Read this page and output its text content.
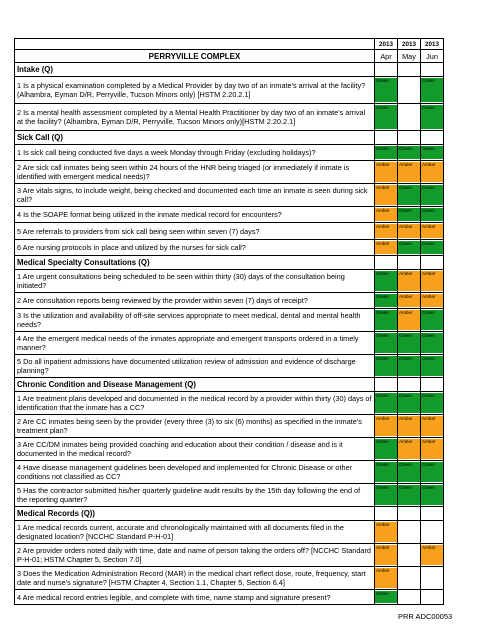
	2013	2013	2013
PERRYVILLE COMPLEX	Apr	May	Jun
Intake (Q)			
1 Is a physical examination completed by a Medical Provider by day two of an inmate's arrival at the facility? (Alhambra, Eyman D/R, Perryville, Tucson Minors only) [HSTM 2.20.2.1]	Green		Green

2 Is a mental health assessment completed by a Mental Health Practitioner by day two of an inmate's arrival at the facility? (Alhambra, Eyman D/R, Perryville, Tucson Minors only)[HSTM 2.20.2.1]	Green		Green

Sick Call (Q)			
1 Is sick call being conducted five days a week Monday through Friday (excluding holidays)?	Green	Green	Green

2 Are sick call inmates being seen within 24 hours of the HNR being triaged (or immediately if inmate is identified with emergent medical needs)?	Amber	Amber	Amber

3 Are vitals signs, to include weight, being checked and documented each time an inmate is seen during sick call?	Amber	Green	Green

4 Is the SOAPE format being utilized in the inmate medical record for encounters?	Amber	Green	Green

5 Are referrals to providers from sick call being seen within seven (7) days?	Amber	Amber	Amber

6 Are nursing protocols in place and utilized by the nurses for sick call?	Amber	Green	Green

Medical Specialty Consultations (Q)			
1 Are urgent consultations being scheduled to be seen within thirty (30) days of the consultation being initiated?	Green	Amber	Amber

2 Are consultation reports being reviewed by the provider within seven (7) days of receipt?	Green	Amber	Amber

3 Is the utilization and availability of off-site services appropriate to meet medical, dental and mental health needs?	Green	Amber	Green

4 Are the emergent medical needs of the inmates appropriate and emergent transports ordered in a timely manner?	Green	Green	Green

5 Do all inpatient admissions have documented utilization review of admission and evidence of discharge planning?	Green	Green	Green

Chronic Condition and Disease Management (Q)			
1 Are treatment plans developed and documented in the medical record by a provider within thirty (30) days of identification that the inmate has a CC?	Green	Green	Green

2 Are CC inmates being seen by the provider (every three (3) to six (6) months) as specified in the inmate's treatment plan?	Amber	Amber	Amber

3 Are CC/DM inmates being provided coaching and education about their condition / disease and is it documented in the medical record?	Green	Amber	Amber

4 Have disease management guidelines been developed and implemented for Chronic Disease or other conditions not classified as CC?	Green	Green	Green

5 Has the contractor submitted his/her quarterly guideline audit results by the 15th day following the end of the reporting quarter?	Green	Green	Green

Medical Records (Q))			
1 Are medical records current, accurate and chronologically maintained with all documents filed in the designated location? [NCCHC Standard P-H-01]	Amber		

2 Are provider orders noted daily with time, date and name of person taking the orders off? [NCCHC Standard P-H-01; HSTM Chapter 5, Section 7.0]	Amber		Amber

3 Does the Medication Administration Record (MAR) in the medical chart reflect dose, route, frequency, start date and nurse's signature? [HSTM Chapter 4, Section 1.1, Chapter 5, Section 6.4]	Amber		

4 Are medical record entries legible, and complete with time, name stamp and signature present?	Green		

PRR ADC00053
